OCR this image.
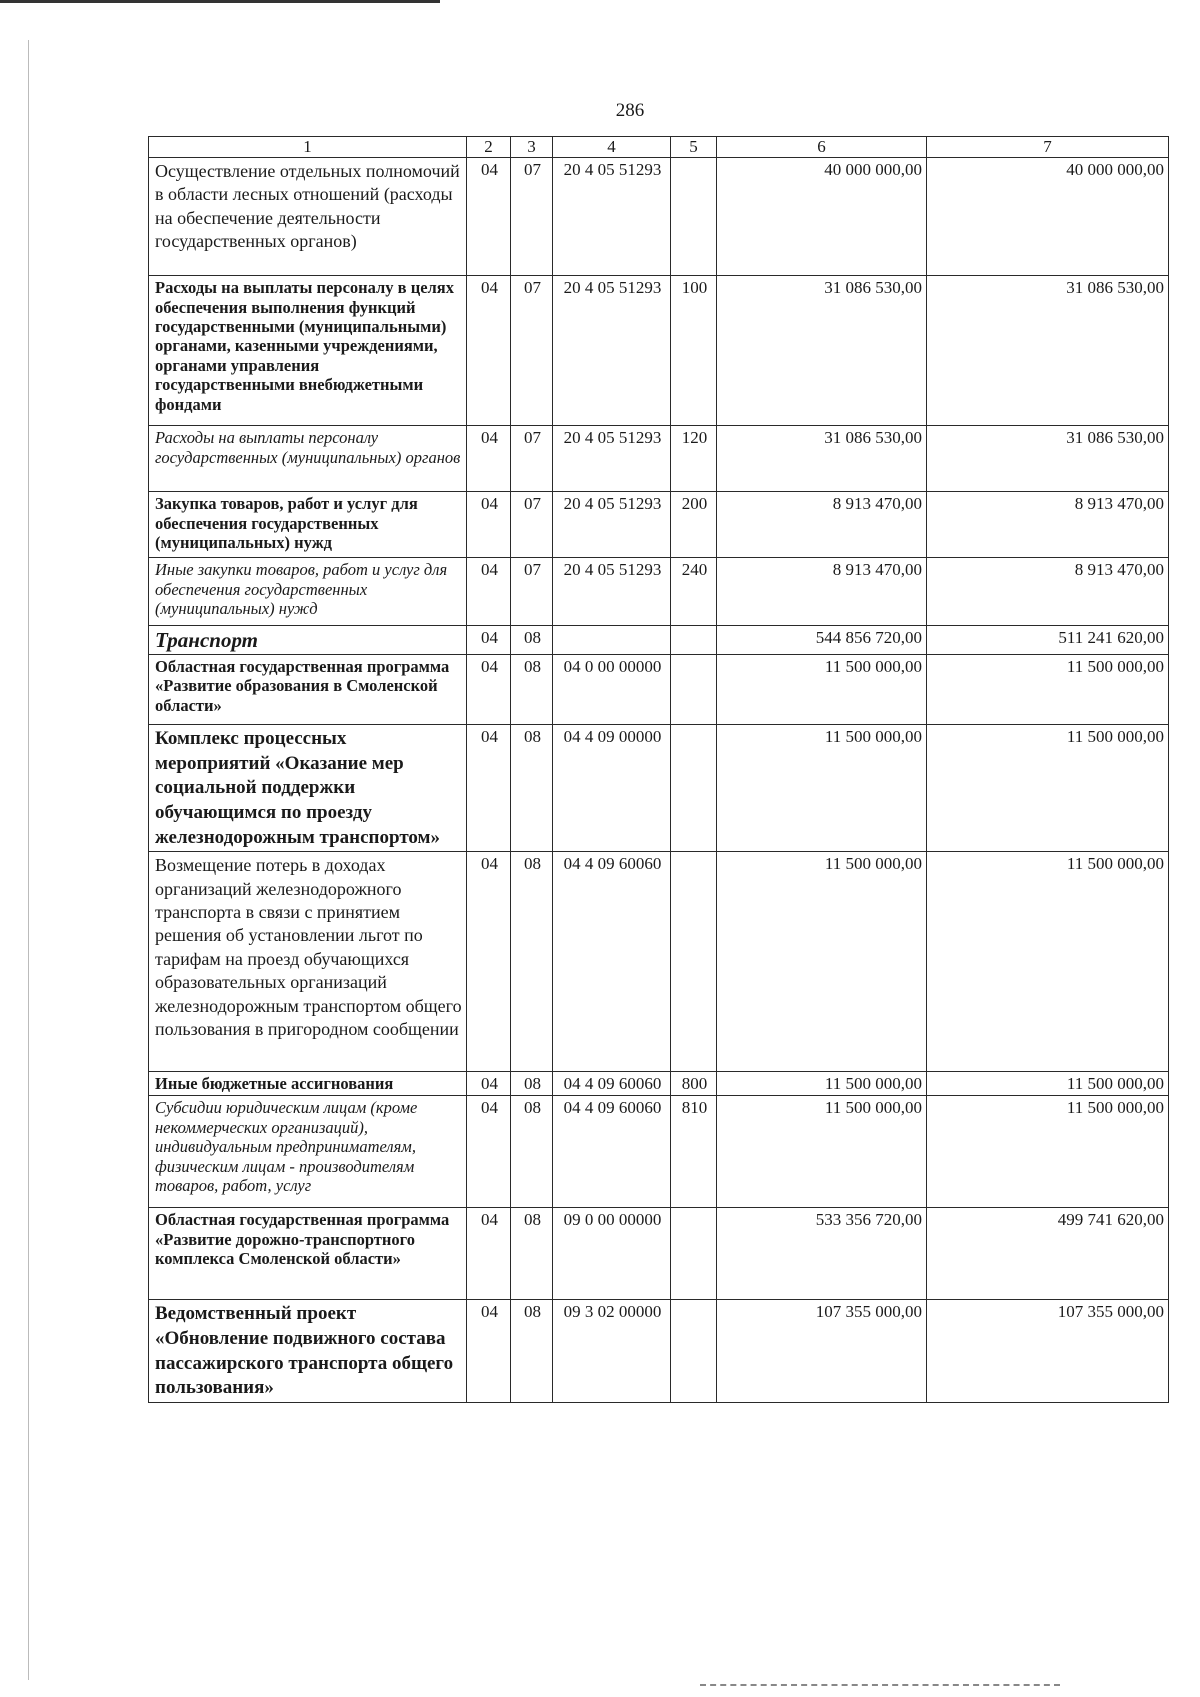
286
1	2	3	4	5	6	7
Осуществление отдельных полномочий в области лесных отношений (расходы на обеспечение деятельности государственных органов)	04	07	20 4 05 51293		40 000 000,00	40 000 000,00
Расходы на выплаты персоналу в целях обеспечения выполнения функций государственными (муниципальными) органами, казенными учреждениями, органами управления государственными внебюджетными фондами	04	07	20 4 05 51293	100	31 086 530,00	31 086 530,00
Расходы на выплаты персоналу государственных (муниципальных) органов	04	07	20 4 05 51293	120	31 086 530,00	31 086 530,00
Закупка товаров, работ и услуг для обеспечения государственных (муниципальных) нужд	04	07	20 4 05 51293	200	8 913 470,00	8 913 470,00
Иные закупки товаров, работ и услуг для обеспечения государственных (муниципальных) нужд	04	07	20 4 05 51293	240	8 913 470,00	8 913 470,00
Транспорт	04	08			544 856 720,00	511 241 620,00
Областная государственная программа «Развитие образования в Смоленской области»	04	08	04 0 00 00000		11 500 000,00	11 500 000,00
Комплекс процессных мероприятий «Оказание мер социальной поддержки обучающимся по проезду железнодорожным транспортом»	04	08	04 4 09 00000		11 500 000,00	11 500 000,00
Возмещение потерь в доходах организаций железнодорожного транспорта в связи с принятием решения об установлении льгот по тарифам на проезд обучающихся образовательных организаций железнодорожным транспортом общего пользования в пригородном сообщении	04	08	04 4 09 60060		11 500 000,00	11 500 000,00
Иные бюджетные ассигнования	04	08	04 4 09 60060	800	11 500 000,00	11 500 000,00
Субсидии юридическим лицам (кроме некоммерческих организаций), индивидуальным предпринимателям, физическим лицам - производителям товаров, работ, услуг	04	08	04 4 09 60060	810	11 500 000,00	11 500 000,00
Областная государственная программа «Развитие дорожно-транспортного комплекса Смоленской области»	04	08	09 0 00 00000		533 356 720,00	499 741 620,00
Ведомственный проект «Обновление подвижного состава пассажирского транспорта общего пользования»	04	08	09 3 02 00000		107 355 000,00	107 355 000,00
